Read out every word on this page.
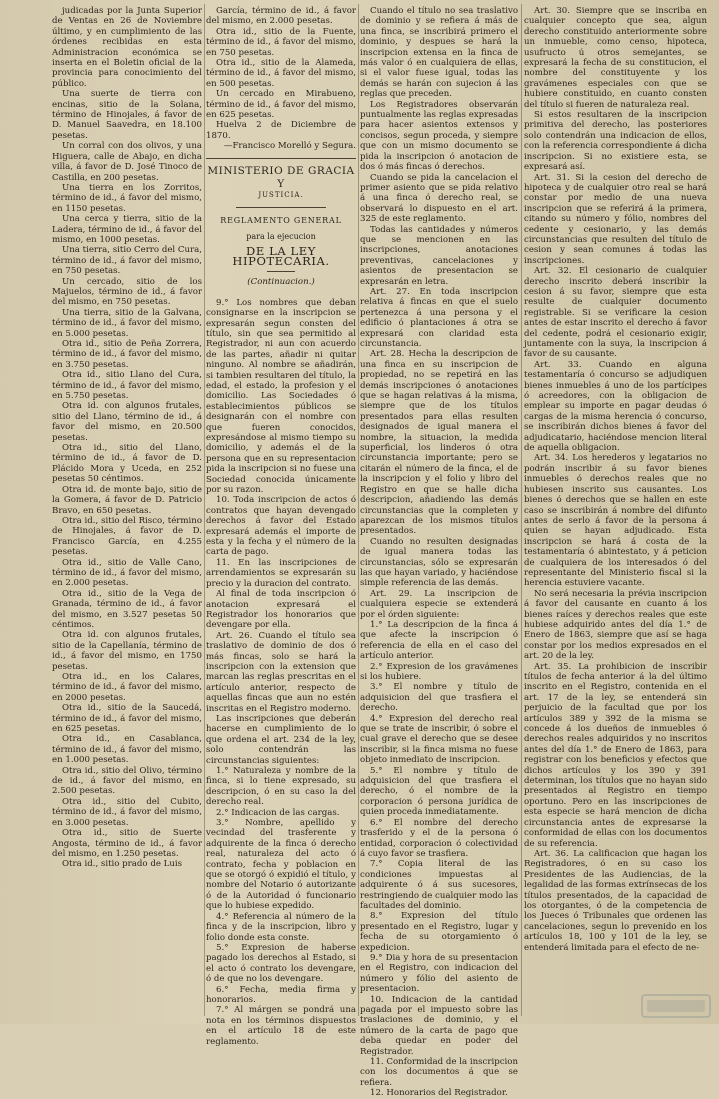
judicadas por la Junta Superior de Ventas en 26 de Noviembre último, y en cumplimiento de las órdenes recibidas en esta Administracion económica se inserta en el Boletin oficial de la provincia para conocimiento del público.

Una suerte de tierra con encinas, sitio de la Solana, término de Hinojales, á favor de D. Manuel Saavedra, en 18.100 pesetas.

Un corral con dos olivos, y una Higuera, calle de Abajo, en dicha villa, á favor de D. José Tinoco de Castilla, en 200 pesetas.

Una tierra en los Zorritos, término de id., á favor del mismo, en 1150 pesetas.

Una cerca y tierra, sitio de la Ladera, término de id., á favor del mismo, en 1000 pesetas.

Una tierra, sitio Cerro del Cura, término de id., á favor del mismo, en 750 pesetas.

Un cercado, sitio de los Majuelos, término de id., á favor del mismo, en 750 pesetas.

Una tierra, sitio de la Galvana, término de id., á favor del mismo, en 5.000 pesetas.

Otra id., sitio de Peña Zorrera, término de id., á favor del mismo, en 3.750 pesetas.

Otra id., sitio Llano del Cura, término de id., á favor del mismo, en 5.750 pesetas.

Otra id. con algunos frutales, sitio del Llano, término de id., á favor del mismo, en 20.500 pesetas.

Otra id., sitio del Llano, término de id., á favor de D. Plácido Mora y Uceda, en 252 pesetas 50 céntimos.

Otra id. de monte bajo, sitio de la Gomera, á favor de D. Patricio Bravo, en 650 pesetas.

Otra id., sitio del Risco, término de Hinojales, á favor de D. Francisco García, en 4.255 pesetas.

Otra id., sitio de Valle Cano, término de id., á favor del mismo, en 2.000 pesetas.

Otra id., sitio de la Vega de Granada, término de id., á favor del mismo, en 3.527 pesetas 50 céntimos.

Otra id. con algunos frutales, sitio de la Capellanía, término de id., á favor del mismo, en 1750 pesetas.

Otra id., en los Calares, término de id., á favor del mismo, en 2000 pesetas.

Otra id., sitio de la Saucedá, término de id., á favor del mismo, en 625 pesetas.

Otra id., en Casablanca, término de id., á favor del mismo, en 1.000 pesetas.

Otra id., sitio del Olivo, término de id., á favor del mismo, en 2.500 pesetas.

Otra id., sitio del Cubito, término de id., á favor del mismo, en 3.000 pesetas.

Otra id., sitio de Suerte Angosta, término de id., á favor del mismo, en 1.250 pesetas.

Otra id., sitio prado de Luis

García, término de id., á favor del mismo, en 2.000 pesetas.

Otra id., sitio de la Fuente, término de id., á favor del mismo, en 750 pesetas.

Otra id., sitio de la Alameda, término de id., á favor del mismo, en 500 pesetas.

Un cercado en Mirabueno, término de id., á favor del mismo, en 625 pesetas.

Huelva 2 de Diciembre de 1870.

—Francisco Morelló y Segura.

MINISTERIO DE GRACIA Y
JUSTICIA.
REGLAMENTO GENERAL
para la ejecucion
DE LA LEY HIPOTECARIA.
(Continuacion.)

9.° Los nombres que deban consignarse en la inscripcion se expresarán segun consten del título, sin que sea permitido al Registrador, ni aun con acuerdo de las partes, añadir ni quitar ninguno. Al nombre se añadirán, si tambien resultaren del título, la edad, el estado, la profesion y el domicilio. Las Sociedades ó establecimientos públicos se designarán con el nombre con que fueren conocidos, expresándose al mismo tiempo su domicilio, y además el de la persona que en su representacion pida la inscripcion si no fuese una Sociedad conocida únicamente por su razon.

10. Toda inscripcion de actos ó contratos que hayan devengado derechos á favor del Estado expresará además el importe de esta y la fecha y el número de la carta de pago.

11. En las inscripciones de arrendamientos se expresarán su precio y la duracion del contrato.

Al final de toda inscripcion ó anotacion expresará el Registrador los honorarios que devengare por ella.

Art. 26. Cuando el título sea traslativo de dominio de dos ó más fincas, solo se hará la inscripcion con la extension que marcan las reglas prescritas en el artículo anterior, respecto de aquellas fincas que aun no estén inscritas en el Registro moderno.

Las inscripciones que deberán hacerse en cumplimiento de lo que ordena el art. 234 de la ley, solo contendrán las circunstancias siguientes:

1.° Naturaleza y nombre de la finca, si lo tiene expresado, su descripcion, ó en su caso la del derecho real.

2.° Indicacion de las cargas.

3.° Nombre, apellido y vecindad del trasferente y adquirente de la finca ó derecho real, naturaleza del acto ó contrato, fecha y poblacion en que se otorgó ó expidió el título, y nombre del Notario ó autorizante ó de la Autoridad ó funcionario que lo hubiese expedido.

4.° Referencia al número de la finca y de la inscripcion, libro y folio donde esta conste.

5.° Expresion de haberse pagado los derechos al Estado, si el acto ó contrato los devengare, ó de que no los devengare.

6.° Fecha, media firma y honorarios.

7.° Al márgen se pondrá una nota en los términos dispuestos en el artículo 18 de este reglamento.

Cuando el título no sea traslativo de dominio y se refiera á más de una finca, se inscribirá primero el dominio, y despues se hará la inscripcion extensa en la finca de más valor ó en cualquiera de ellas, si el valor fuese igual, todas las demás se harán con sujecion á las reglas que preceden.

Los Registradores observarán puntualmente las reglas expresadas para hacer asientos extensos y concisos, segun proceda, y siempre que con un mismo documento se pida la inscripcion ó anotacion de dos ó más fincas ó derechos.

Cuando se pida la cancelacion el primer asiento que se pida relativo á una finca ó derecho real, se observará lo dispuesto en el art. 325 de este reglamento.

Todas las cantidades y números que se mencionen en las inscripciones, anotaciones preventivas, cancelaciones y asientos de presentacion se expresarán en letra.

Art. 27. En toda inscripcion relativa á fincas en que el suelo pertenezca á una persona y el edificio ó plantaciones á otra se expresará con claridad esta circunstancia.

Art. 28. Hecha la descripcion de una finca en su inscripcion de propiedad, no se repetirá en las demás inscripciones ó anotaciones que se hagan relativas á la misma, siempre que de los títulos presentados para ellas resulten designados de igual manera el nombre, la situacion, la medida superficial, los linderos ó otra circunstancia importante; pero se citarán el número de la finca, el de la inscripcion y el folio y libro del Registro en que se halle dicha descripcion, añadiendo las demás circunstancias que la completen y aparezcan de los mismos títulos presentados.

Cuando no resulten designadas de igual manera todas las circunstancias, sólo se expresarán las que hayan variado, y haciéndose simple referencia de las demás.

Art. 29. La inscripcion de cualquiera especie se extenderá por el órden siguiente:

1.° La descripcion de la finca á que afecte la inscripcion ó referencia de ella en el caso del artículo anterior.

2.° Expresion de los gravámenes si los hubiere.

3.° El nombre y título de adquisicion del que trasfiera el derecho.

4.° Expresion del derecho real que se trate de inscribir, ó sobre el cual grave el derecho que se desee inscribir, si la finca misma no fuese objeto inmediato de inscripcion.

5.° El nombre y título de adquisicion del que trasfiera el derecho, ó el nombre de la corporacion ó persona jurídica de quien proceda inmediatamente.

6.° El nombre del derecho trasferido y el de la persona ó entidad, corporacion ó colectividad á cuyo favor se trasfiera.

7.° Copia literal de las condiciones impuestas al adquirente ó á sus sucesores, restringiendo de cualquier modo las facultades del dominio.

8.° Expresion del título presentado en el Registro, lugar y fecha de su otorgamiento ó expedicion.

9.° Dia y hora de su presentacion en el Registro, con indicacion del número y fólio del asiento de presentacion.

10. Indicacion de la cantidad pagada por el impuesto sobre las traslaciones de dominio, y el número de la carta de pago que deba quedar en poder del Registrador.

11. Conformidad de la inscripcion con los documentos á que se refiera.

12. Honorarios del Registrador.

Art. 30. Siempre que se inscriba en cualquier concepto que sea, algun derecho constituido anteriormente sobre un inmueble, como censo, hipoteca, usufructo ú otros semejantes, se expresará la fecha de su constitucion, el nombre del constituyente y los gravámenes especiales con que se hubiere constituido, en cuanto consten del título si fueren de naturaleza real.

Si estos resultaren de la inscripcion primitiva del derecho, las posteriores solo contendrán una indicacion de ellos, con la referencia correspondiente á dicha inscripcion. Si no existiere esta, se expresará así.

Art. 31. Si la cesion del derecho de hipoteca y de cualquier otro real se hará constar por medio de una nueva inscripcion que se referirá á la primera, citando su número y fólio, nombres del cedente y cesionario, y las demás circunstancias que resulten del título de cesion y sean comunes á todas las inscripciones.

Art. 32. El cesionario de cualquier derecho inscrito deberá inscribir la cesion á su favor, siempre que esta resulte de cualquier documento registrable. Si se verificare la cesion antes de estar inscrito el derecho á favor del cedente, podrá el cesionario exigir, juntamente con la suya, la inscripcion á favor de su causante.

Art. 33. Cuando en alguna testamentaría ó concurso se adjudiquen bienes inmuebles á uno de los partícipes ó acreedores, con la obligacion de emplear su importe en pagar deudas ó cargas de la misma herencia ó concurso, se inscribirán dichos bienes á favor del adjudicatario, haciéndose mencion literal de aquella obligacion.

Art. 34. Los herederos y legatarios no podrán inscribir á su favor bienes inmuebles ó derechos reales que no hubiesen inscrito sus causantes. Los bienes ó derechos que se hallen en este caso se inscribirán á nombre del difunto antes de serlo á favor de la persona á quien se hayan adjudicado. Esta inscripcion se hará á costa de la testamentaría ó abintestato, y á peticion de cualquiera de los interesados ó del representante del Ministerio fiscal si la herencia estuviere vacante.

No será necesaria la prévia inscripcion á favor del causante en cuanto á los bienes raíces y derechos reales que este hubiese adquirido antes del día 1.° de Enero de 1863, siempre que así se haga constar por los medios expresados en el art. 20 de la ley.

Art. 35. La prohibicion de inscribir títulos de fecha anterior á la del último inscrito en el Registro, contenida en el art. 17 de la ley, se entenderá sin perjuicio de la facultad que por los artículos 389 y 392 de la misma se concede á los dueños de inmuebles ó derechos reales adquiridos y no inscritos antes del día 1.° de Enero de 1863, para registrar con los beneficios y efectos que dichos artículos y los 390 y 391 determinan, los títulos que no hayan sido presentados al Registro en tiempo oportuno. Pero en las inscripciones de esta especie se hará mencion de dicha circunstancia antes de expresarse la conformidad de ellas con los documentos de su referencia.

Art. 36. La calificacion que hagan los Registradores, ó en su caso los Presidentes de las Audiencias, de la legalidad de las formas extrínsecas de los títulos presentados, de la capacidad de los otorgantes, ó de la competencia de los Jueces ó Tribunales que ordenen las cancelaciones, segun lo prevenido en los artículos 18, 100 y 101 de la ley, se entenderá limitada para el efecto de ne-
